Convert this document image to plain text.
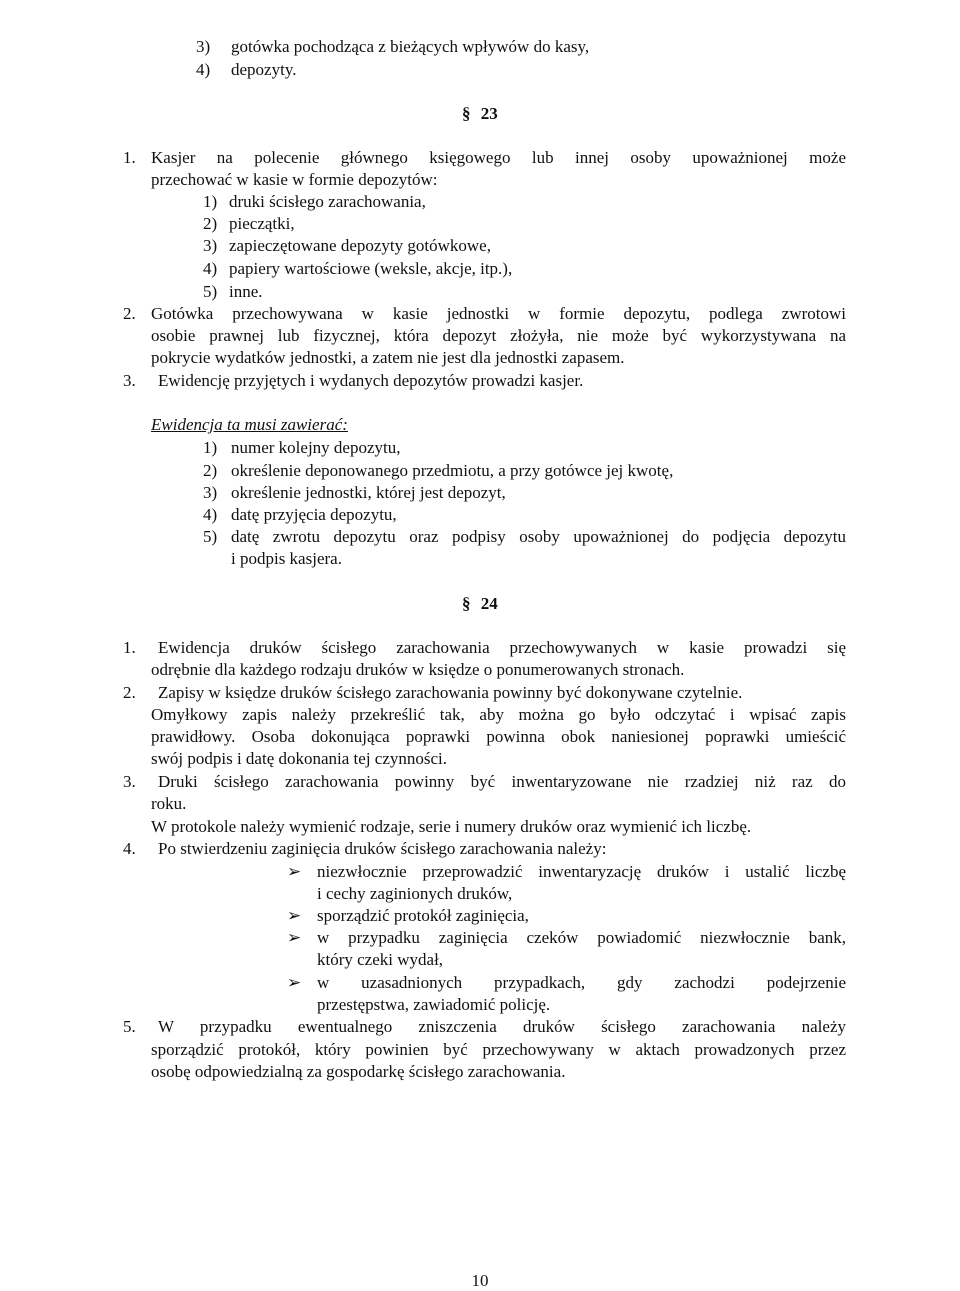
3) gotówka pochodząca z bieżących wpływów do kasy,
4) depozyty.
§ 23
1. Kasjer na polecenie głównego księgowego lub innej osoby upoważnionej może
przechować w kasie w formie depozytów:
1) druki ścisłego zarachowania,
2) pieczątki,
3) zapieczętowane depozyty gotówkowe,
4) papiery wartościowe (weksle, akcje, itp.),
5) inne.
2. Gotówka przechowywana w kasie jednostki w formie depozytu, podlega zwrotowi
osobie prawnej lub fizycznej, która depozyt złożyła, nie może być wykorzystywana na
pokrycie wydatków jednostki, a zatem nie jest dla jednostki zapasem.
3. Ewidencję przyjętych i wydanych depozytów prowadzi kasjer.
Ewidencja ta musi zawierać:
1) numer kolejny depozytu,
2) określenie deponowanego przedmiotu, a przy gotówce jej kwotę,
3) określenie jednostki, której jest depozyt,
4) datę przyjęcia depozytu,
5) datę zwrotu depozytu oraz podpisy osoby upoważnionej do podjęcia depozytu
i podpis kasjera.
§ 24
1. Ewidencja druków ścisłego zarachowania przechowywanych w kasie prowadzi się
odrębnie dla każdego rodzaju druków w księdze o ponumerowanych stronach.
2. Zapisy w księdze druków ścisłego zarachowania powinny być dokonywane czytelnie.
Omyłkowy zapis należy przekreślić tak, aby można go było odczytać i wpisać zapis
prawidłowy. Osoba dokonująca poprawki powinna obok naniesionej poprawki umieścić
swój podpis i datę dokonania tej czynności.
3. Druki ścisłego zarachowania powinny być inwentaryzowane nie rzadziej niż raz do
roku.
W protokole należy wymienić rodzaje, serie i numery druków oraz wymienić ich liczbę.
4. Po stwierdzeniu zaginięcia druków ścisłego zarachowania należy:
➢ niezwłocznie przeprowadzić inwentaryzację druków i ustalić liczbę
i cechy zaginionych druków,
➢ sporządzić protokół zaginięcia,
➢ w przypadku zaginięcia czeków powiadomić niezwłocznie bank,
który czeki wydał,
➢ w uzasadnionych przypadkach, gdy zachodzi podejrzenie
przestępstwa, zawiadomić policję.
5. W przypadku ewentualnego zniszczenia druków ścisłego zarachowania należy
sporządzić protokół, który powinien być przechowywany w aktach prowadzonych przez
osobę odpowiedzialną za gospodarkę ścisłego zarachowania.
10
